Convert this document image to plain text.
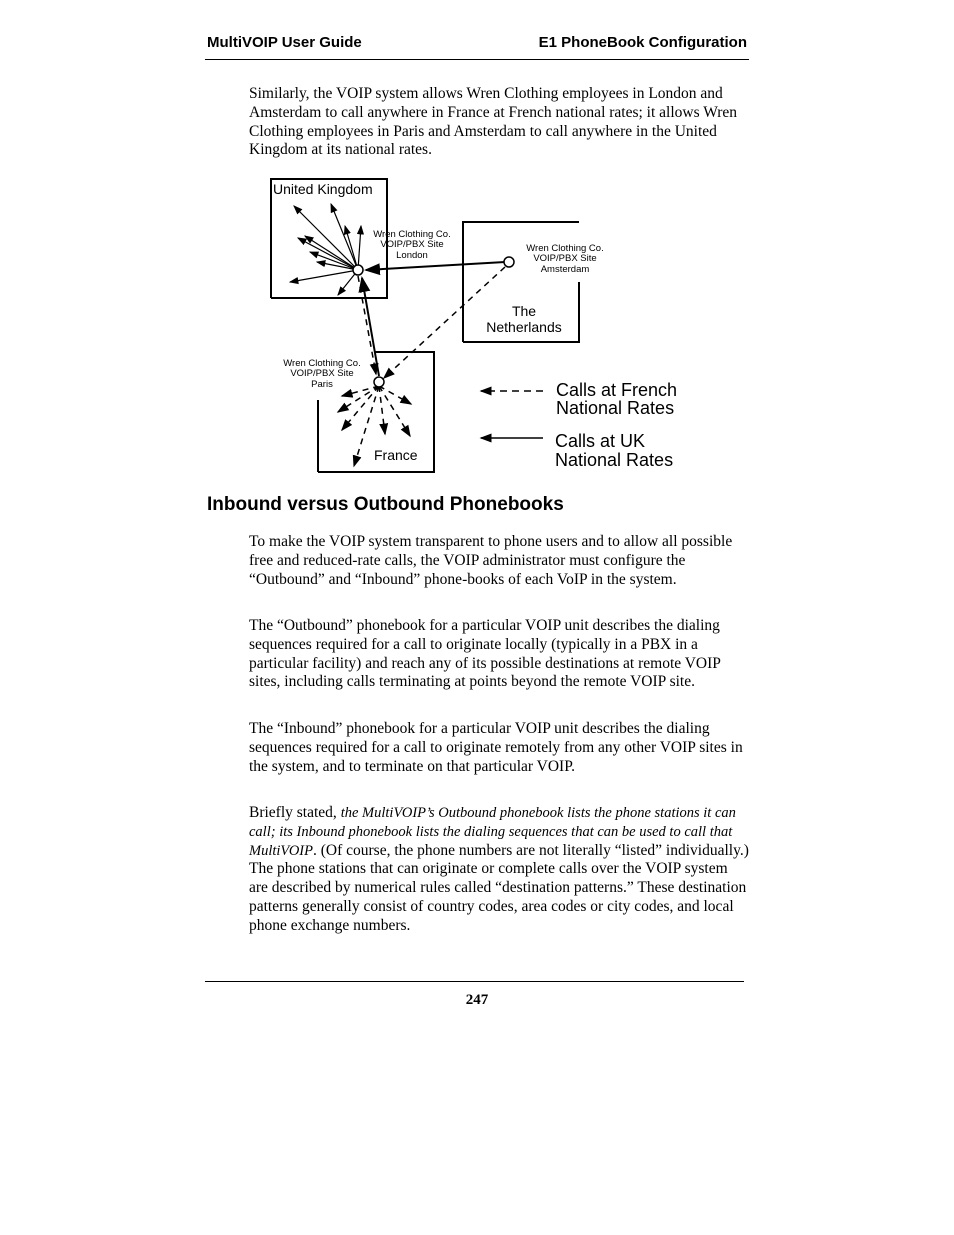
MultiVOIP User Guide	E1 PhoneBook Configuration
Similarly, the VOIP system allows Wren Clothing employees in London and Amsterdam to call anywhere in France at French national rates; it allows Wren Clothing employees in Paris and Amsterdam to call anywhere in the United Kingdom at its national rates.
United Kingdom
The
Netherlands
France
Wren Clothing Co.
VOIP/PBX Site
London
Wren Clothing Co.
VOIP/PBX Site
Amsterdam
Wren Clothing Co.
VOIP/PBX Site
Paris	Calls at French
National Rates
Calls at UK
National Rates
Inbound versus Outbound Phonebooks
To make the VOIP system transparent to phone users and to allow all possible free and reduced-rate calls, the VOIP administrator must configure the “Outbound” and “Inbound” phone-books of each VoIP in the system.
The “Outbound” phonebook for a particular VOIP unit describes the dialing sequences required for a call to originate locally (typically in a PBX in a particular facility) and reach any of its possible destinations at remote VOIP sites, including calls terminating at points beyond the remote VOIP site.
The “Inbound” phonebook for a particular VOIP unit describes the dialing sequences required for a call to originate remotely from any other VOIP sites in the system, and to terminate on that particular VOIP.
Briefly stated, the MultiVOIP’s Outbound phonebook lists the phone stations it can call; its Inbound phonebook lists the dialing sequences that can be used to call that MultiVOIP. (Of course, the phone numbers are not literally “listed” individually.) The phone stations that can originate or complete calls over the VOIP system are described by numerical rules called “destination patterns.” These destination patterns generally consist of country codes, area codes or city codes, and local phone exchange numbers.
247
